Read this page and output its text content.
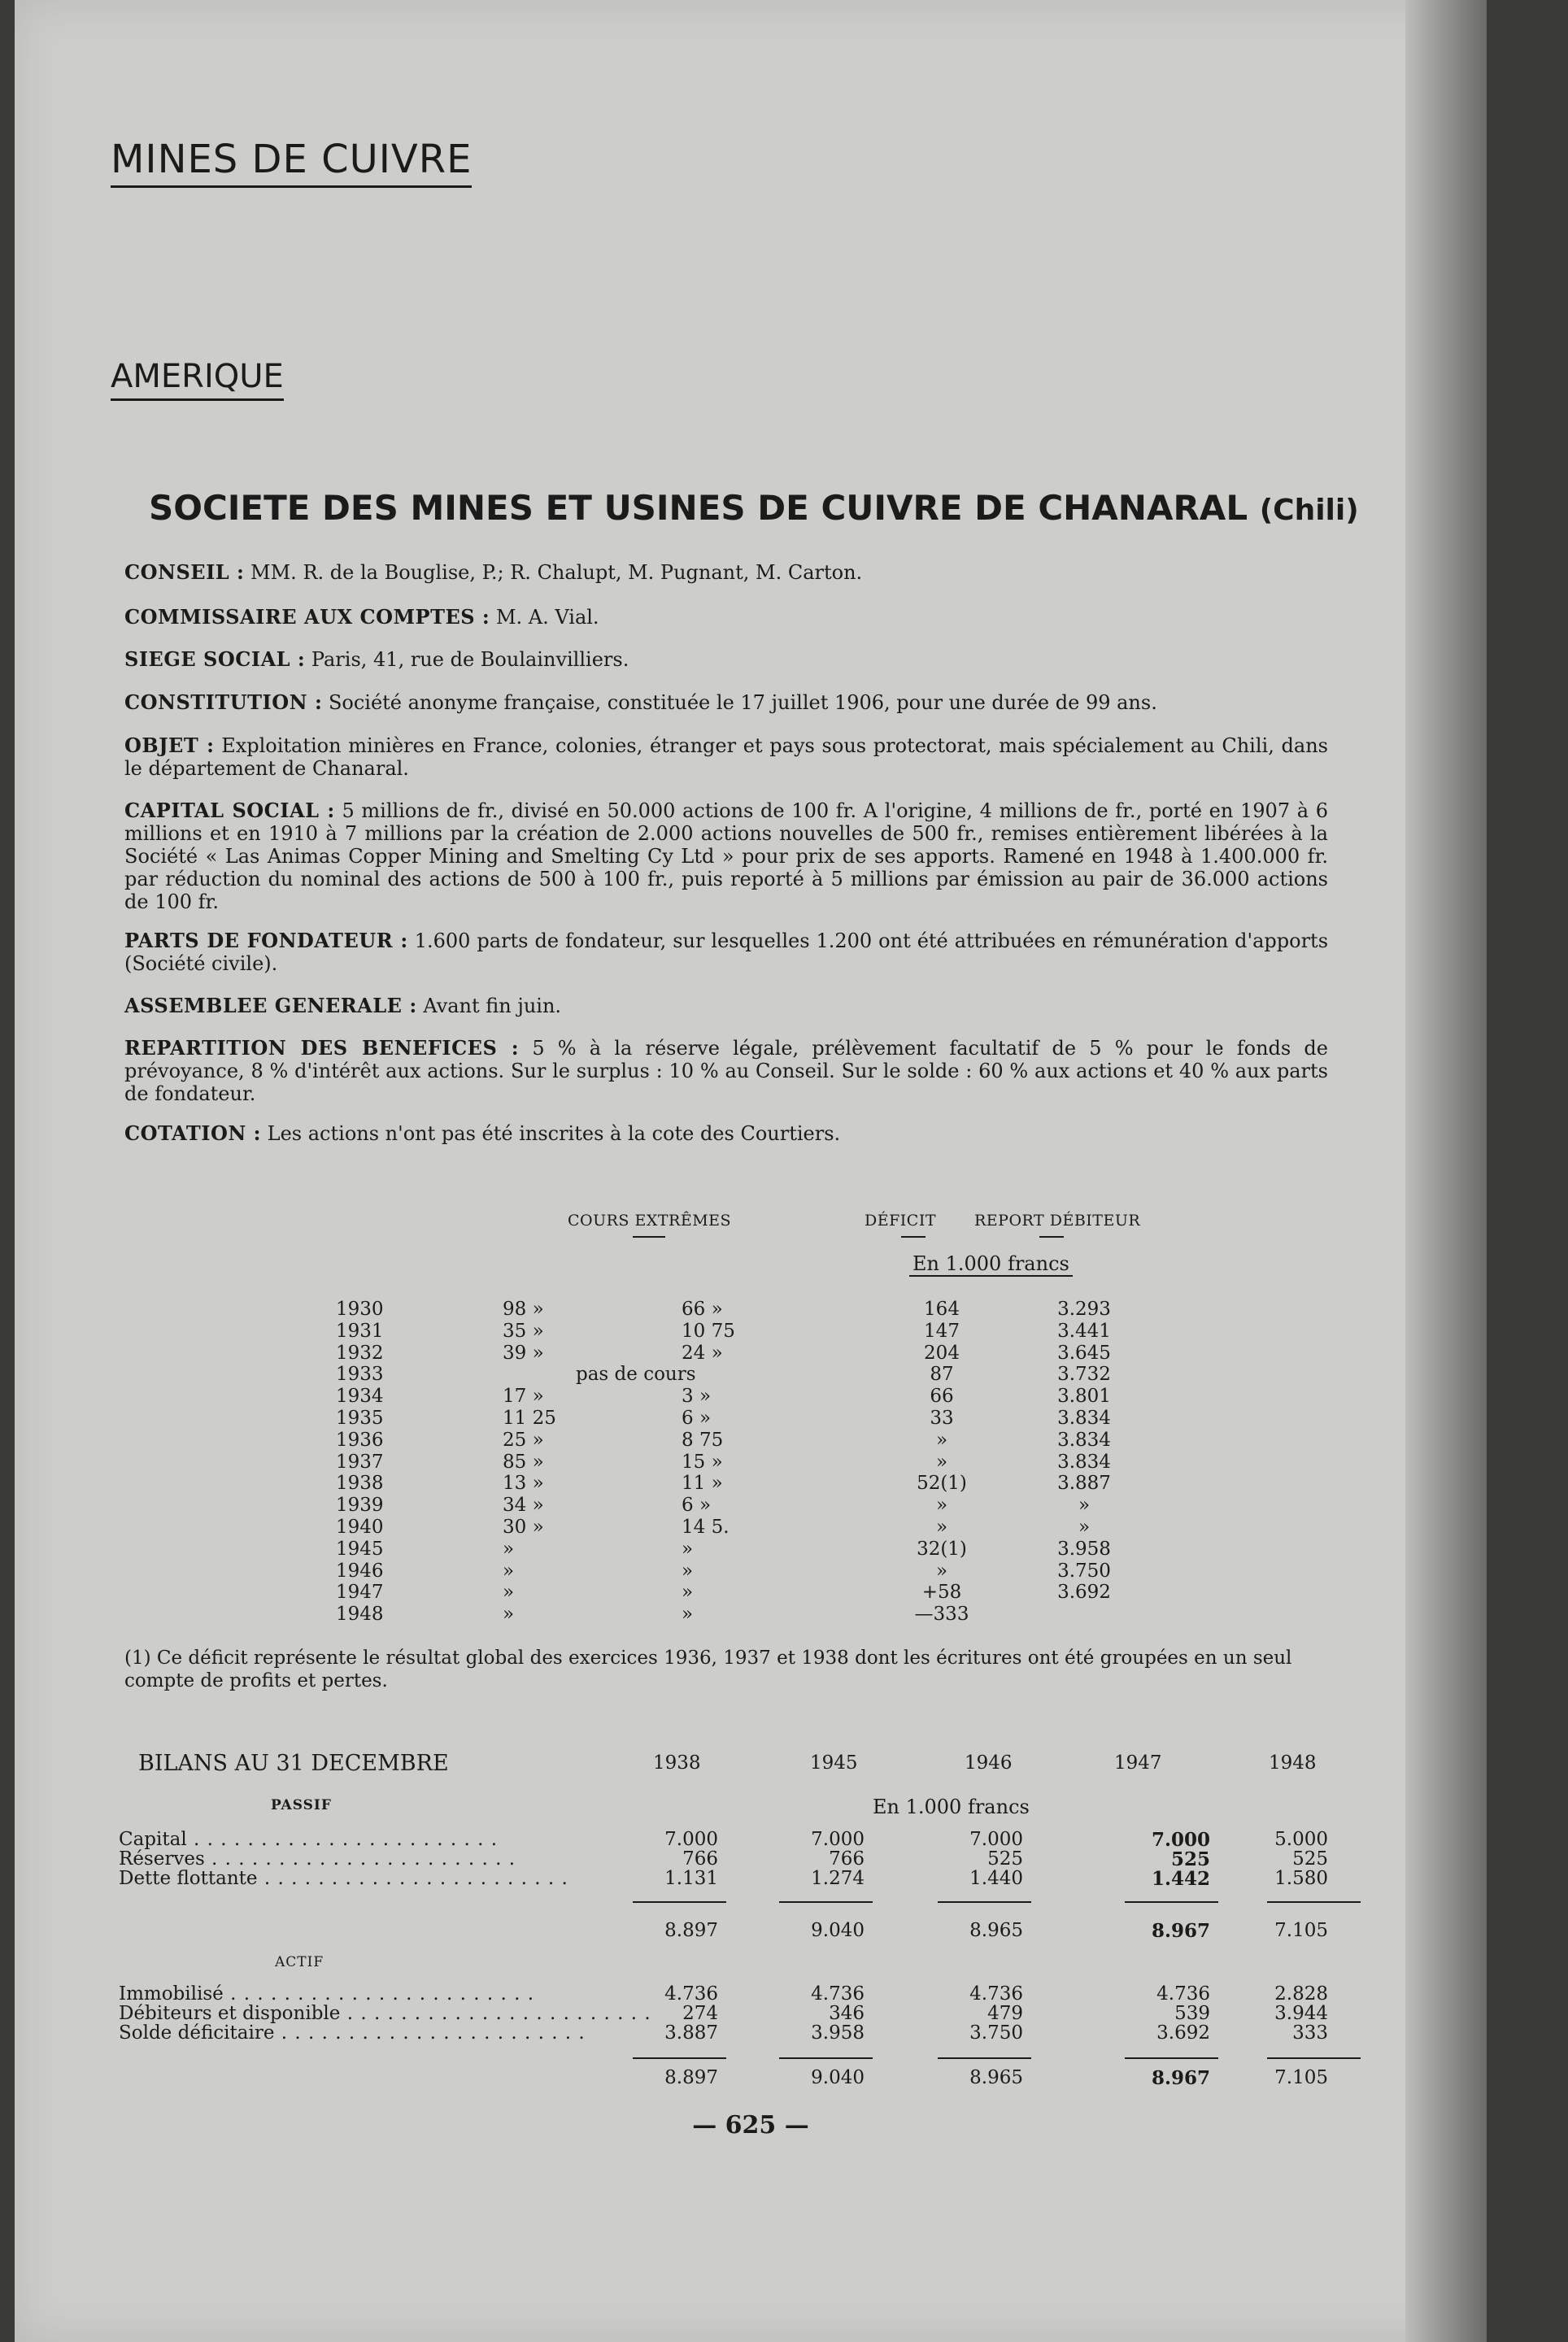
MINES DE CUIVRE
AMERIQUE
SOCIETE DES MINES ET USINES DE CUIVRE DE CHANARAL (Chili)
CONSEIL : MM. R. de la Bouglise, P.; R. Chalupt, M. Pugnant, M. Carton.
COMMISSAIRE AUX COMPTES : M. A. Vial.
SIEGE SOCIAL : Paris, 41, rue de Boulainvilliers.
CONSTITUTION : Société anonyme française, constituée le 17 juillet 1906, pour une durée de 99 ans.
OBJET : Exploitation minières en France, colonies, étranger et pays sous protectorat, mais spécialement au Chili, dans le département de Chanaral.
CAPITAL SOCIAL : 5 millions de fr., divisé en 50.000 actions de 100 fr. A l'origine, 4 millions de fr., porté en 1907 à 6 millions et en 1910 à 7 millions par la création de 2.000 actions nouvelles de 500 fr., remises entièrement libérées à la Société « Las Animas Copper Mining and Smelting Cy Ltd » pour prix de ses apports. Ramené en 1948 à 1.400.000 fr. par réduction du nominal des actions de 500 à 100 fr., puis reporté à 5 millions par émission au pair de 36.000 actions de 100 fr.
PARTS DE FONDATEUR : 1.600 parts de fondateur, sur lesquelles 1.200 ont été attribuées en rémunération d'apports (Société civile).
ASSEMBLEE GENERALE : Avant fin juin.
REPARTITION DES BENEFICES : 5 % à la réserve légale, prélèvement facultatif de 5 % pour le fonds de prévoyance, 8 % d'intérêt aux actions. Sur le surplus : 10 % au Conseil. Sur le solde : 60 % aux actions et 40 % aux parts de fondateur.
COTATION : Les actions n'ont pas été inscrites à la cote des Courtiers.
COURS EXTRÊMES	DÉFICIT REPORT DÉBITEUR
En 1.000 francs
1930	98 »	66 »	164	3.293
1931	35 »	10 75	147	3.441
1932	39 »	24 »	204	3.645
1933	pas de cours	87	3.732
1934	17 »	3 »	66	3.801
1935	11 25	6 »	33	3.834
1936	25 »	8 75	»	3.834
1937	85 »	15 »	»	3.834
1938	13 »	11 »	52(1)	3.887
1939	34 »	6 »	»	»
1940	30 »	14 5.	»	»
1945	»	»	32(1)	3.958
1946	»	»	»	3.750
1947	»	»	+58	3.692
1948	»	»	—333
(1) Ce déficit représente le résultat global des exercices 1936, 1937 et 1938 dont les écritures ont été groupées en un seul compte de profits et pertes.
BILANS AU 31 DECEMBRE	1938	1945	1946	1947	1948
PASSIF	En 1.000 francs
Capital . . . . . . . . . . . . . . . . . . . . . . .	7.000	7.000	7.000	7.000	5.000
Réserves . . . . . . . . . . . . . . . . . . . . . . .	766	766	525	525	525
Dette flottante . . . . . . . . . . . . . . . . . . . . . . .	1.131	1.274	1.440	1.442	1.580
8.897	9.040	8.965	8.967	7.105
ACTIF
Immobilisé . . . . . . . . . . . . . . . . . . . . . . .	4.736	4.736	4.736	4.736	2.828
Débiteurs et disponible . . . . . . . . . . . . . . . . . . . . . . .	274	346	479	539	3.944
Solde déficitaire . . . . . . . . . . . . . . . . . . . . . . .	3.887	3.958	3.750	3.692	333
8.897	9.040	8.965	8.967	7.105
— 625 —
